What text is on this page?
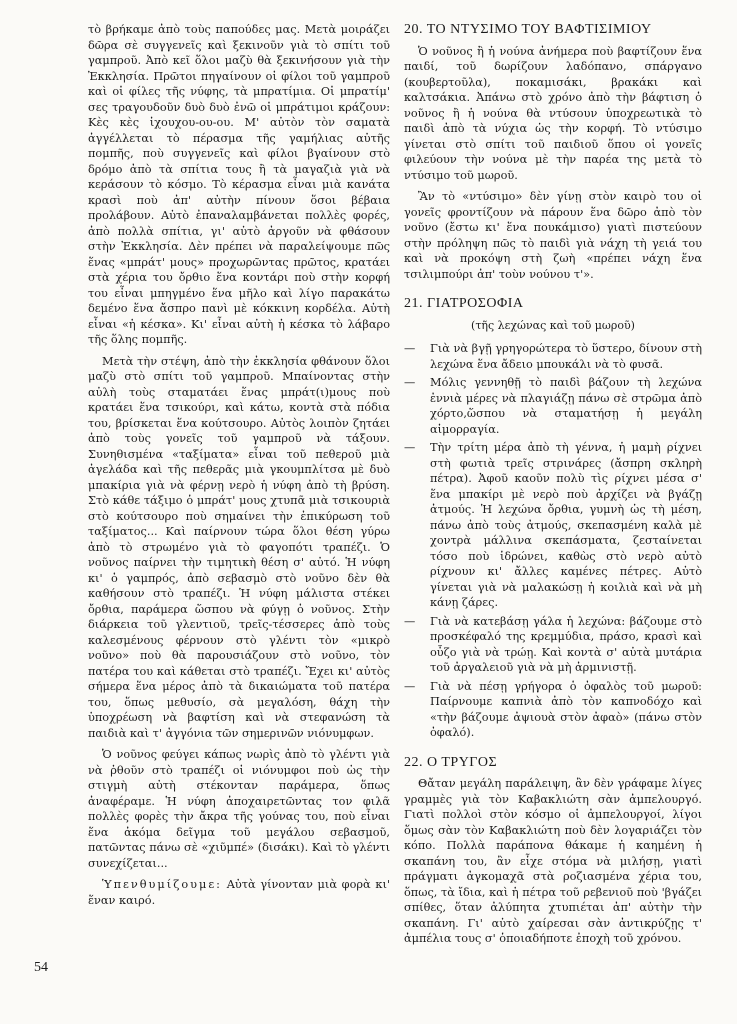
τὸ βρήκαμε ἀπὸ τοὺς παπούδες μας. Μετὰ μοιράζει δῶρα σὲ συγγενεῖς καὶ ξεκινοῦν γιὰ τὸ σπίτι τοῦ γαμπροῦ. Ἀπὸ κεῖ ὅλοι μαζὺ θὰ ξεκινήσουν γιὰ τὴν Ἐκκλησία. Πρῶτοι πηγαίνουν οἱ φίλοι τοῦ γαμπροῦ καὶ οἱ φίλες τῆς νύφης, τὰ μπρατίμια. Οἱ μπρατίμ' σες τραγουδοῦν δυὸ δυὸ ἐνῶ οἱ μπράτιμοι κράζουν: Κὲς κὲς ἰχουχου-ου-ου. Μ' αὐτὸν τὸν σαματὰ ἀγγέλλεται τὸ πέρασμα τῆς γαμήλιας αὐτῆς πομπῆς, ποὺ συγγενεῖς καὶ φίλοι βγαίνουν στὸ δρόμο ἀπὸ τὰ σπίτια τους ἢ τὰ μαγαζιὰ γιὰ νὰ κεράσουν τὸ κόσμο. Τὸ κέρασμα εἶναι μιὰ κανάτα κρασὶ ποὺ ἀπ' αὐτὴν πίνουν ὅσοι βέβαια προλάβουν. Αὐτὸ ἐπαναλαμβάνεται πολλὲς φορές, ἀπὸ πολλὰ σπίτια, γι' αὐτὸ ἀργοῦν νὰ φθάσουν στὴν Ἐκκλησία. Δὲν πρέπει νὰ παραλείψουμε πῶς ἕνας «μπράτ' μους» προχωρῶντας πρῶτος, κρατάει στὰ χέρια του ὄρθιο ἕνα κοντάρι ποὺ στὴν κορφή του εἶναι μπηγμένο ἕνα μῆλο καὶ λίγο παρακάτω δεμένο ἕνα ἄσπρο πανὶ μὲ κόκκινη κορδέλα. Αὐτὴ εἶναι «ἡ κέσκα». Κι' εἶναι αὐτὴ ἡ κέσκα τὸ λάβαρο τῆς ὅλης πομπῆς.

Μετὰ τὴν στέψη, ἀπὸ τὴν ἐκκλησία φθάνουν ὅλοι μαζὺ στὸ σπίτι τοῦ γαμπροῦ. Μπαίνοντας στὴν αὐλὴ τοὺς σταματάει ἕνας μπράτ(ι)μους ποὺ κρατάει ἕνα τσικούρι, καὶ κάτω, κοντὰ στὰ πόδια του, βρίσκεται ἕνα κούτσουρο. Αὐτὸς λοιπὸν ζητάει ἀπὸ τοὺς γονεῖς τοῦ γαμπροῦ νὰ τάξουν. Συνηθισμένα «ταξίματα» εἶναι τοῦ πεθεροῦ μιὰ ἀγελάδα καὶ τῆς πεθερᾶς μιὰ γκουμπλίτσα μὲ δυὸ μπακίρια γιὰ νὰ φέρνῃ νερὸ ἡ νύφη ἀπὸ τὴ βρύση. Στὸ κάθε τάξιμο ὁ μπράτ' μους χτυπᾶ μιὰ τσικουριὰ στὸ κούτσουρο ποὺ σημαίνει τὴν ἐπικύρωση τοῦ ταξίματος... Καὶ παίρνουν τώρα ὅλοι θέση γύρω ἀπὸ τὸ στρωμένο γιὰ τὸ φαγοπότι τραπέζι. Ὁ νοῦνος παίρνει τὴν τιμητικὴ θέση σ' αὐτό. Ἡ νύφη κι' ὁ γαμπρός, ἀπὸ σεβασμὸ στὸ νοῦνο δὲν θὰ καθήσουν στὸ τραπέζι. Ἡ νύφη μάλιστα στέκει ὄρθια, παράμερα ὥσπου νὰ φύγῃ ὁ νοῦνος. Στὴν διάρκεια τοῦ γλεντιοῦ, τρεῖς-τέσσερες ἀπὸ τοὺς καλεσμένους φέρνουν στὸ γλέντι τὸν «μικρὸ νοῦνο» ποὺ θὰ παρουσιάζουν στὸ νοῦνο, τὸν πατέρα του καὶ κάθεται στὸ τραπέζι. Ἔχει κι' αὐτὸς σήμερα ἕνα μέρος ἀπὸ τὰ δικαιώματα τοῦ πατέρα του, ὅπως μεθυσίο, σὰ μεγαλόση, θάχη τὴν ὑποχρέωση νὰ βαφτίση καὶ νὰ στεφανώση τὰ παιδιὰ καὶ τ' ἀγγόνια τῶν σημερινῶν νιόνυμφων.

Ὁ νοῦνος φεύγει κάπως νωρὶς ἀπὸ τὸ γλέντι γιὰ νὰ ῥθοῦν στὸ τραπέζι οἱ νιόνυμφοι ποὺ ὡς τὴν στιγμὴ αὐτὴ στέκονταν παράμερα, ὅπως ἀναφέραμε. Ἡ νύφη ἀποχαιρετῶντας τον φιλᾶ πολλὲς φορὲς τὴν ἄκρα τῆς γούνας του, ποὺ εἶναι ἕνα ἀκόμα δεῖγμα τοῦ μεγάλου σεβασμοῦ, πατῶντας πάνω σὲ «χιῦμπέ» (δισάκι). Καὶ τὸ γλέντι συνεχίζεται...

Ὑπενθυμίζουμε: Αὐτὰ γίνονταν μιὰ φορὰ κι' ἕναν καιρό.

20. ΤΟ ΝΤΥΣΙΜΟ ΤΟΥ ΒΑΦΤΙΣΙΜΙΟΥ

Ὁ νοῦνος ἢ ἡ νούνα ἀνήμερα ποὺ βαφτίζουν ἕνα παιδί, τοῦ δωρίζουν λαδόπανο, σπάργανο (κουβερτοῦλα), ποκαμισάκι, βρακάκι καὶ καλτσάκια. Ἀπάνω στὸ χρόνο ἀπὸ τὴν βάφτιση ὁ νοῦνος ἢ ἡ νούνα θὰ ντύσουν ὑποχρεωτικὰ τὸ παιδὶ ἀπὸ τὰ νύχια ὡς τὴν κορφή. Τὸ ντύσιμο γίνεται στὸ σπίτι τοῦ παιδιοῦ ὅπου οἱ γονεῖς φιλεύουν τὴν νούνα μὲ τὴν παρέα της μετὰ τὸ ντύσιμο τοῦ μωροῦ.

Ἂν τὸ «ντύσιμο» δὲν γίνῃ στὸν καιρὸ του οἱ γονεῖς φροντίζουν νὰ πάρουν ἕνα δῶρο ἀπὸ τὸν νοῦνο (ἔστω κι' ἕνα πουκάμισο) γιατὶ πιστεύουν στὴν πρόληψη πῶς τὸ παιδὶ γιὰ νάχη τὴ γειά του καὶ νὰ προκόψη στὴ ζωὴ «πρέπει νάχη ἕνα τσιλιμπούρι ἀπ' τοὺν νούνου τ'».

21. ΓΙΑΤΡΟΣΟΦΙΑ
(τῆς λεχώνας καὶ τοῦ μωροῦ)
— Γιὰ νὰ βγῇ γρηγορώτερα τὸ ὕστερο, δίνουν στὴ λεχώνα ἕνα ἄδειο μπουκάλι νὰ τὸ φυσᾶ.
— Μόλις γεννηθῇ τὸ παιδὶ βάζουν τὴ λεχώνα ἐννιὰ μέρες νὰ πλαγιάζῃ πάνω σὲ στρῶμα ἀπὸ χόρτο,ὥσπου νὰ σταματήσῃ ἡ μεγάλη αἱμορραγία.
— Τὴν τρίτη μέρα ἀπὸ τὴ γέννα, ἡ μαμὴ ρίχνει στὴ φωτιὰ τρεῖς στρινάρες (ἄσπρη σκληρὴ πέτρα). Ἀφοῦ καοῦν πολὺ τὶς ρίχνει μέσα σ' ἕνα μπακίρι μὲ νερὸ ποὺ ἀρχίζει νὰ βγάζῃ ἀτμούς. Ἡ λεχώνα ὄρθια, γυμνὴ ὡς τὴ μέση, πάνω ἀπὸ τοὺς ἀτμούς, σκεπασμένη καλὰ μὲ χοντρὰ μάλλινα σκεπάσματα, ζεσταίνεται τόσο ποὺ ἱδρώνει, καθὼς στὸ νερὸ αὐτὸ ρίχνουν κι' ἄλλες καμένες πέτρες. Αὐτὸ γίνεται γιὰ νὰ μαλακώσῃ ἡ κοιλιὰ καὶ νὰ μὴ κάνῃ ζάρες.
— Γιὰ νὰ κατεβάσῃ γάλα ἡ λεχώνα: βάζουμε στὸ προσκέφαλό της κρεμμύδια, πράσο, κρασὶ καὶ οὖζο γιὰ νὰ τρώῃ. Καὶ κοντὰ σ' αὐτὰ μυτάρια τοῦ ἀργαλειοῦ γιὰ νὰ μὴ ἀρμινιστῇ.
— Γιὰ νὰ πέσῃ γρήγορα ὁ ὀφαλὸς τοῦ μωροῦ: Παίρνουμε καπνιὰ ἀπὸ τὸν καπνοδόχο καὶ «τὴν βάζουμε ἀψιουὰ στὸν ἀφαὸ» (πάνω στὸν ὀφαλό).
22. Ο ΤΡΥΓΟΣ

Θἄταν μεγάλη παράλειψη, ἂν δὲν γράφαμε λίγες γραμμὲς γιὰ τὸν Καβακλιώτη σὰν ἀμπελουργό. Γιατὶ πολλοὶ στὸν κόσμο οἱ ἀμπελουργοί, λίγοι ὅμως σὰν τὸν Καβακλιώτη ποὺ δὲν λογαριάζει τὸν κόπο. Πολλὰ παράπονα θάκαμε ἡ καημένη ἡ σκαπάνη του, ἂν εἶχε στόμα νὰ μιλήσῃ, γιατὶ πράγματι ἀγκομαχᾶ στὰ ροζιασμένα χέρια του, ὅπως, τὰ ἴδια, καὶ ἡ πέτρα τοῦ ρεβενιοῦ ποὺ 'βγάζει σπίθες, ὅταν ἀλύπητα χτυπιέται ἀπ' αὐτὴν τὴν σκαπάνη. Γι' αὐτὸ χαίρεσαι σὰν ἀντικρύζῃς τ' ἀμπέλια τους σ' ὁποιαδήποτε ἐποχὴ τοῦ χρόνου.

54
